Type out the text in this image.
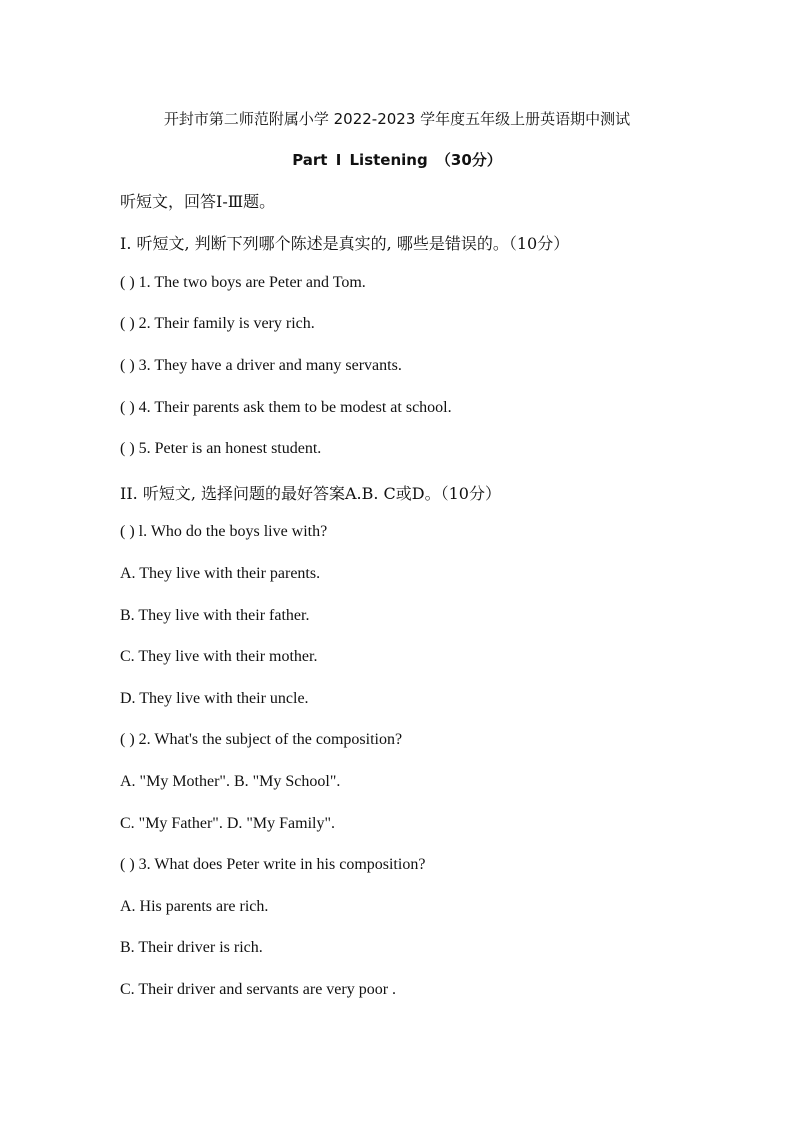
开封市第二师范附属小学 2022-2023 学年度五年级上册英语期中测试
Part I Listening （30分）
听短文，回答Ⅰ-Ⅲ题。
I. 听短文, 判断下列哪个陈述是真实的, 哪些是错误的。（10分）
( ) 1. The two boys are Peter and Tom.
( ) 2. Their family is very rich.
( ) 3. They have a driver and many servants.
( ) 4. Their parents ask them to be modest at school.
( ) 5. Peter is an honest student.
II. 听短文, 选择问题的最好答案A.B. C或D。（10分）
( ) l. Who do the boys live with?
A. They live with their parents.
B. They live with their father.
C. They live with their mother.
D. They live with their uncle.
( ) 2. What's the subject of the composition?
A. "My Mother". B. "My School".
C. "My Father". D. "My Family".
( ) 3. What does Peter write in his composition?
A. His parents are rich.
B. Their driver is rich.
C. Their driver and servants are very poor .
